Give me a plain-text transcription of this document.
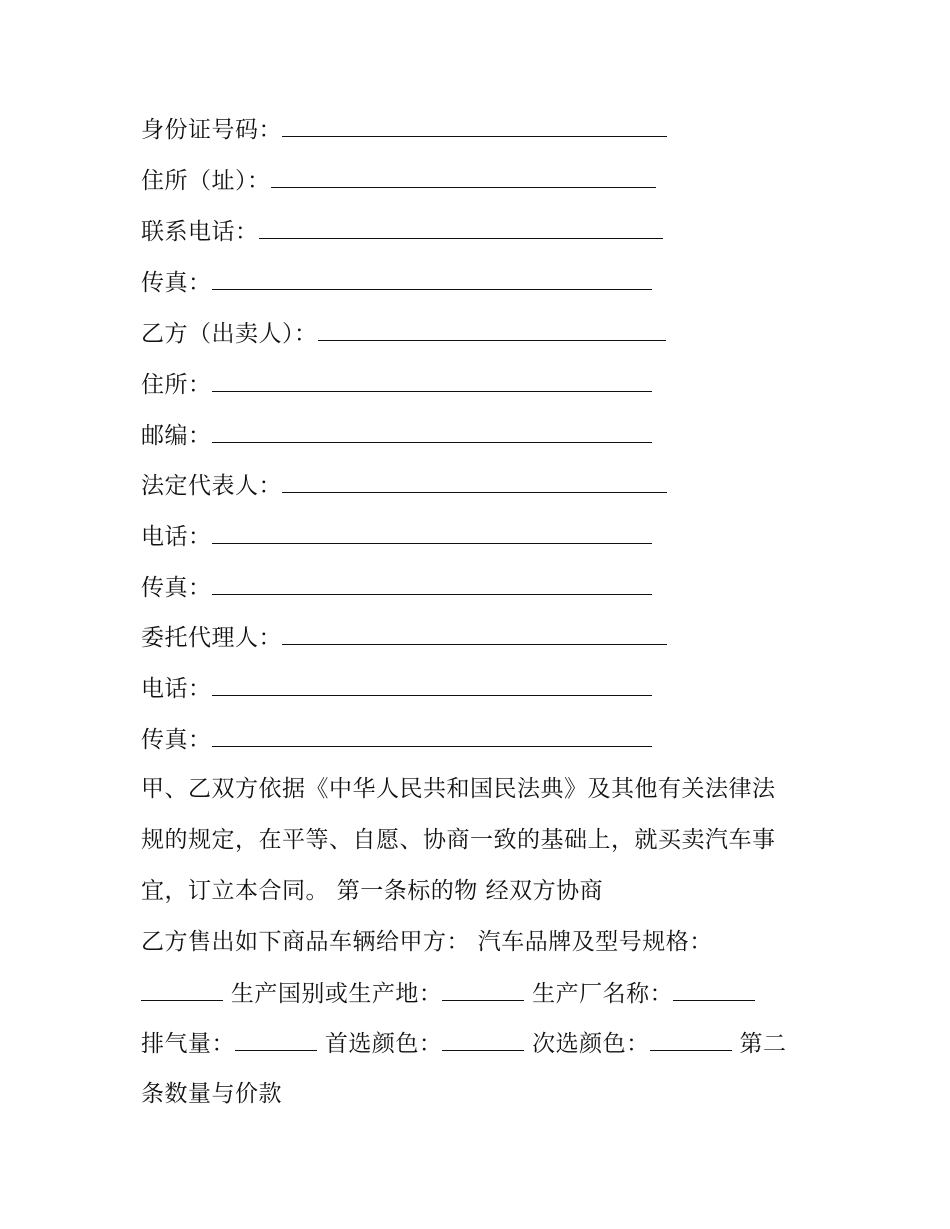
身份证号码：
住所（址）：
联系电话：
传真：
乙方（出卖人）：
住所：
邮编：
法定代表人：
电话：
传真：
委托代理人：
电话：
传真：
甲、乙双方依据《中华人民共和国民法典》及其他有关法律法
规的规定，在平等、自愿、协商一致的基础上，就买卖汽车事
宜，订立本合同。 第一条标的物 经双方协商
乙方售出如下商品车辆给甲方： 汽车品牌及型号规格：
生产国别或生产地：	生产厂名称：
排气量：	首选颜色：	次选颜色：	第二
条数量与价款
